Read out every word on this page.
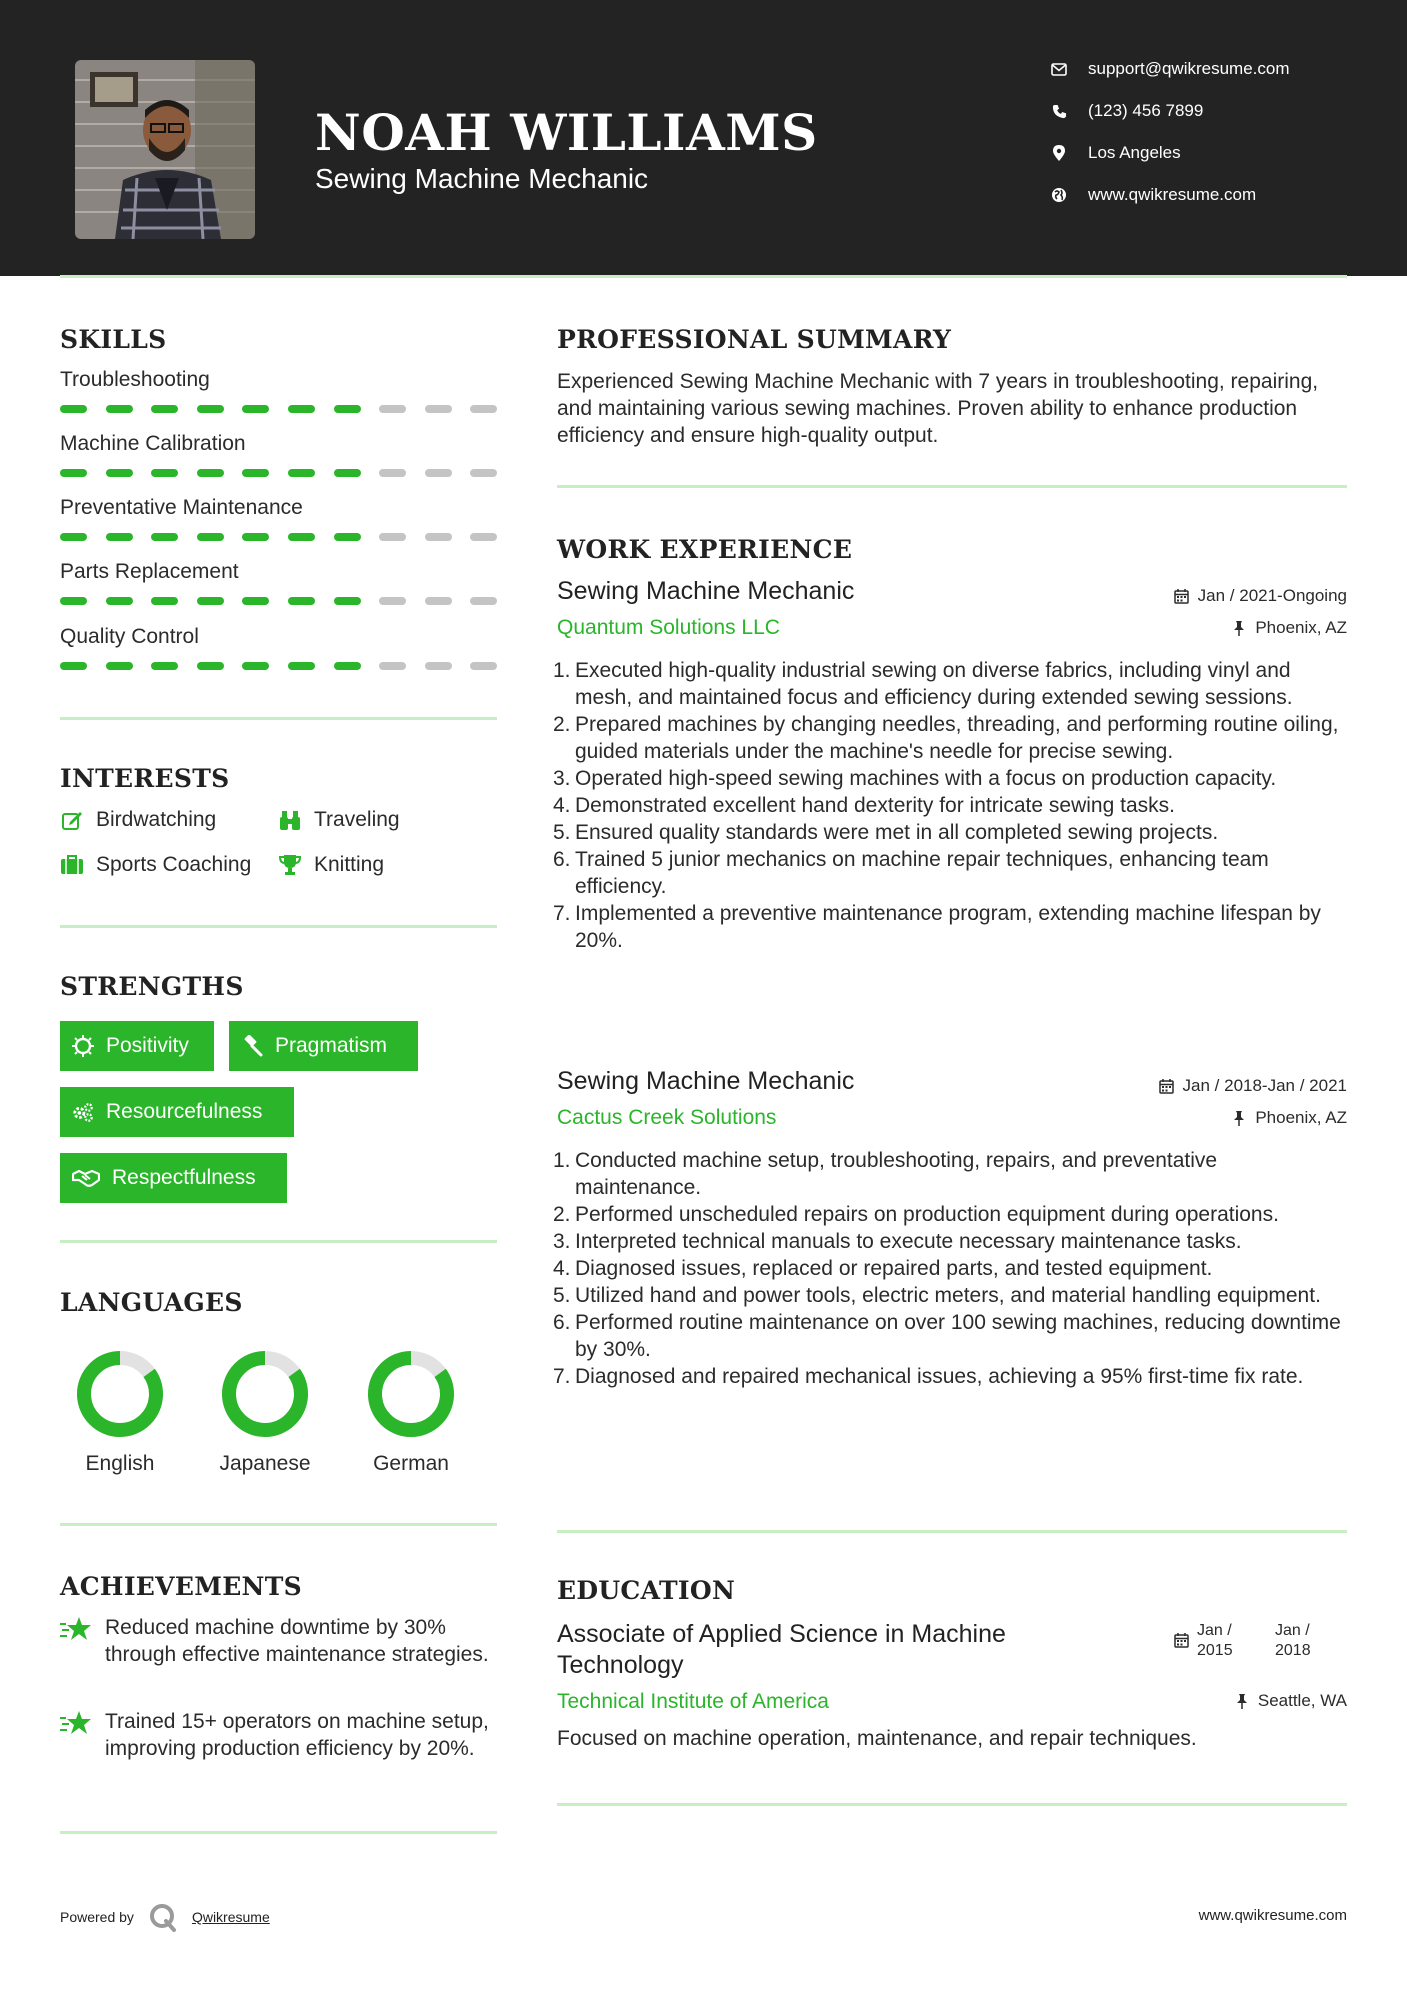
NOAH WILLIAMS
Sewing Machine Mechanic
support@qwikresume.com
(123) 456 7899
Los Angeles
www.qwikresume.com
SKILLS
Troubleshooting
Machine Calibration
Preventative Maintenance
Parts Replacement
Quality Control
INTERESTS
Birdwatching	Traveling
Sports Coaching	Knitting
STRENGTHS
Positivity	Pragmatism
Resourcefulness
Respectfulness
LANGUAGES
English	Japanese	German
ACHIEVEMENTS
Reduced machine downtime by 30% through effective maintenance strategies.
Trained 15+ operators on machine setup, improving production efficiency by 20%.
PROFESSIONAL SUMMARY
Experienced Sewing Machine Mechanic with 7 years in troubleshooting, repairing, and maintaining various sewing machines. Proven ability to enhance production efficiency and ensure high-quality output.
WORK EXPERIENCE
Sewing Machine Mechanic	Jan / 2021-Ongoing
Quantum Solutions LLC	Phoenix, AZ
1. Executed high-quality industrial sewing on diverse fabrics, including vinyl and mesh, and maintained focus and efficiency during extended sewing sessions.
2. Prepared machines by changing needles, threading, and performing routine oiling, guided materials under the machine's needle for precise sewing.
3. Operated high-speed sewing machines with a focus on production capacity.
4. Demonstrated excellent hand dexterity for intricate sewing tasks.
5. Ensured quality standards were met in all completed sewing projects.
6. Trained 5 junior mechanics on machine repair techniques, enhancing team efficiency.
7. Implemented a preventive maintenance program, extending machine lifespan by 20%.
Sewing Machine Mechanic	Jan / 2018-Jan / 2021
Cactus Creek Solutions	Phoenix, AZ
1. Conducted machine setup, troubleshooting, repairs, and preventative maintenance.
2. Performed unscheduled repairs on production equipment during operations.
3. Interpreted technical manuals to execute necessary maintenance tasks.
4. Diagnosed issues, replaced or repaired parts, and tested equipment.
5. Utilized hand and power tools, electric meters, and material handling equipment.
6. Performed routine maintenance on over 100 sewing machines, reducing downtime by 30%.
7. Diagnosed and repaired mechanical issues, achieving a 95% first-time fix rate.
EDUCATION
Associate of Applied Science in Machine Technology
Jan / 2015
Jan / 2018
Technical Institute of America	Seattle, WA
Focused on machine operation, maintenance, and repair techniques.
Powered by	Qwikresume	www.qwikresume.com
